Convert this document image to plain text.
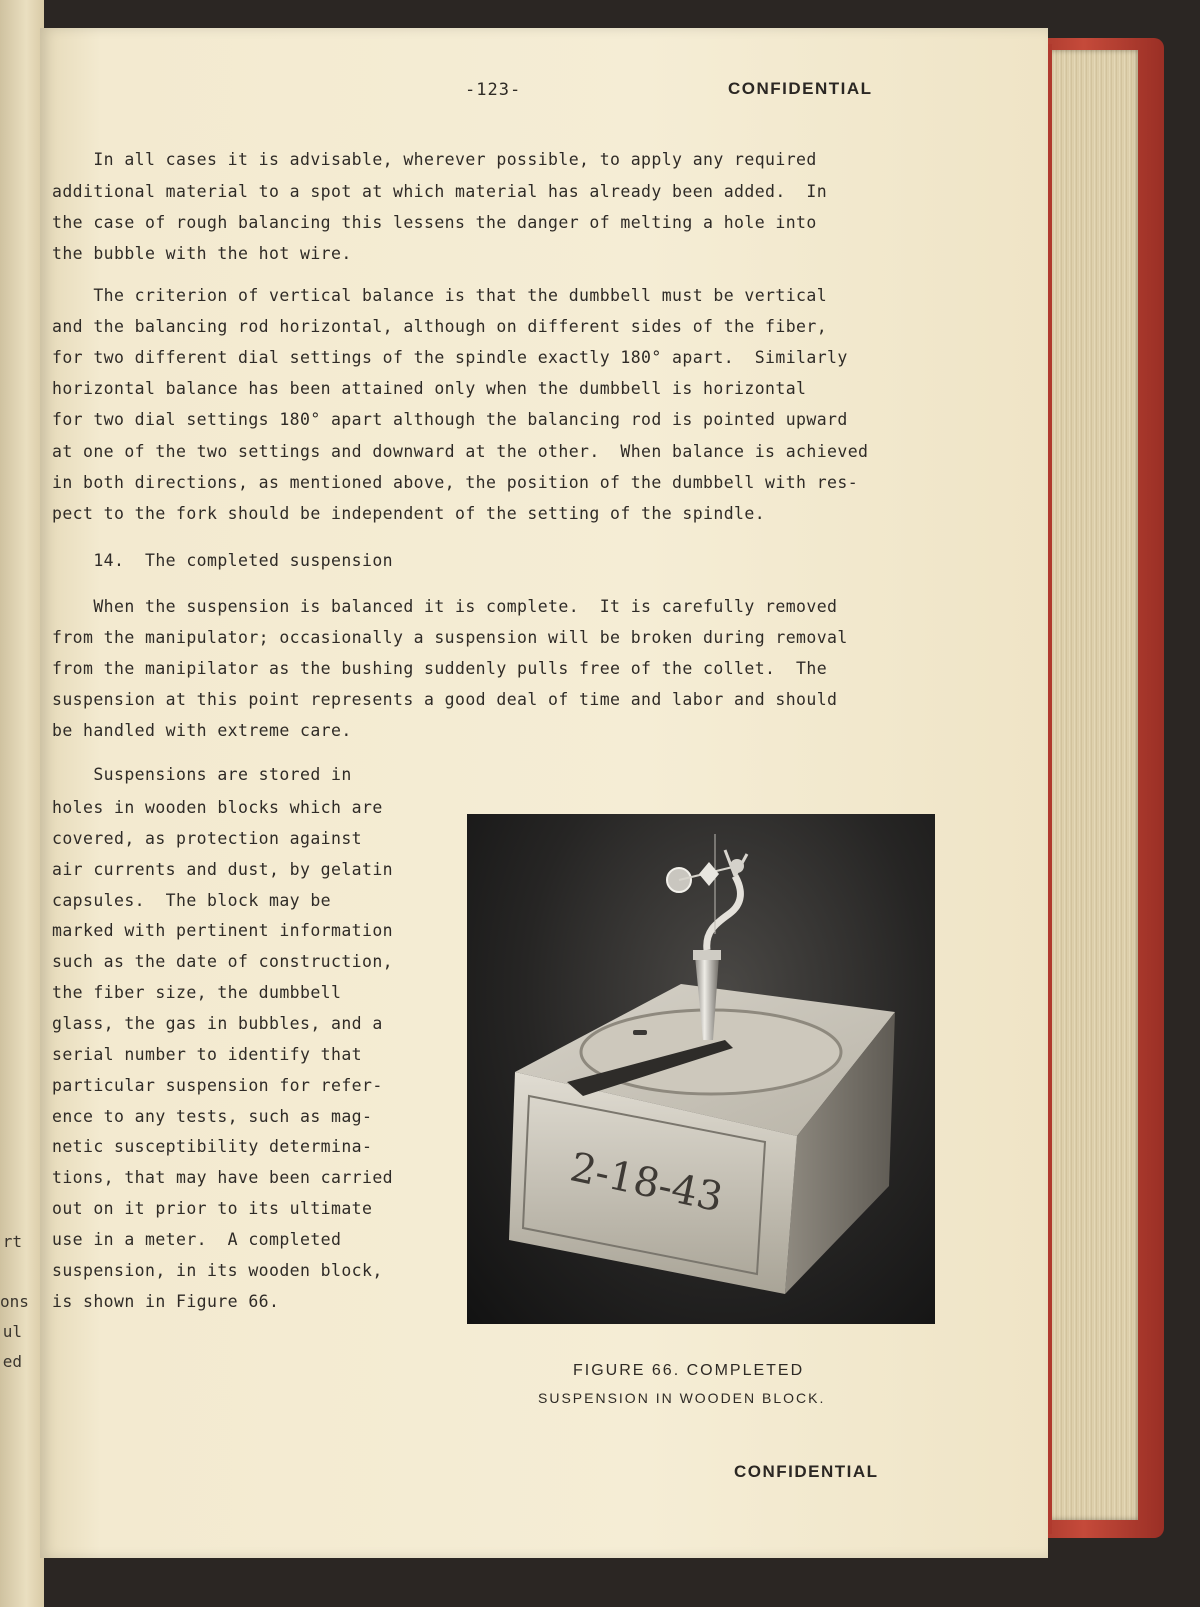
rt
ons
ul
ed
-123-	CONFIDENTIAL
In all cases it is advisable, wherever possible, to apply any required
additional material to a spot at which material has already been added.  In
the case of rough balancing this lessens the danger of melting a hole into
the bubble with the hot wire.
The criterion of vertical balance is that the dumbbell must be vertical
and the balancing rod horizontal, although on different sides of the fiber,
for two different dial settings of the spindle exactly 180° apart.  Similarly
horizontal balance has been attained only when the dumbbell is horizontal
for two dial settings 180° apart although the balancing rod is pointed upward
at one of the two settings and downward at the other.  When balance is achieved
in both directions, as mentioned above, the position of the dumbbell with res-
pect to the fork should be independent of the setting of the spindle.
14.  The completed suspension
When the suspension is balanced it is complete.  It is carefully removed
from the manipulator; occasionally a suspension will be broken during removal
from the manipilator as the bushing suddenly pulls free of the collet.  The
suspension at this point represents a good deal of time and labor and should
be handled with extreme care.
Suspensions are stored in
holes in wooden blocks which are
covered, as protection against
air currents and dust, by gelatin
capsules.  The block may be
marked with pertinent information
such as the date of construction,
the fiber size, the dumbbell
glass, the gas in bubbles, and a
serial number to identify that
particular suspension for refer-
ence to any tests, such as mag-
netic susceptibility determina-
tions, that may have been carried
out on it prior to its ultimate
use in a meter.  A completed
suspension, in its wooden block,
is shown in Figure 66.
2-18-43
FIGURE 66. COMPLETED
SUSPENSION IN WOODEN BLOCK.
CONFIDENTIAL
